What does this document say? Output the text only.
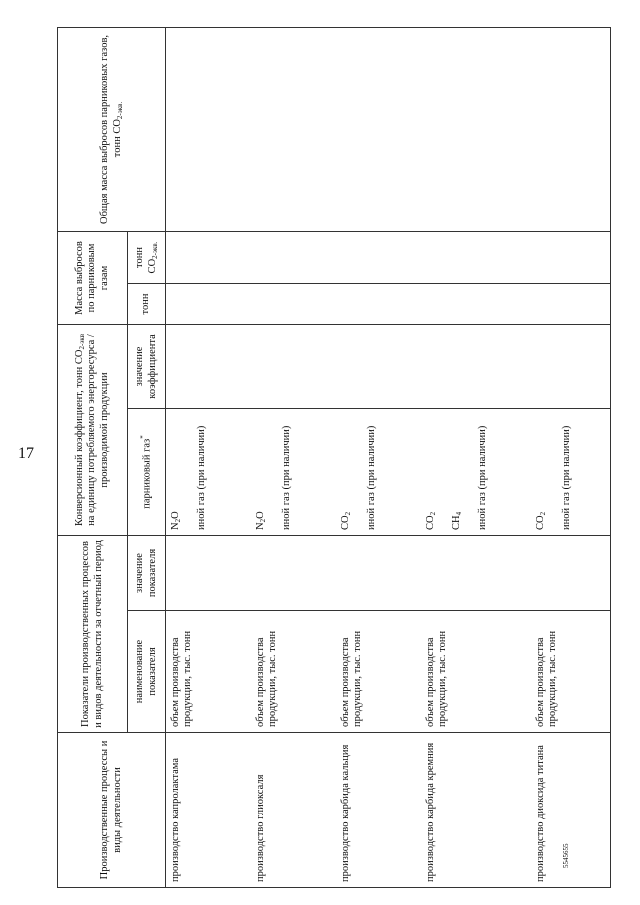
17
5545655
Производственные процессы и виды деятельности	Показатели производственных процессов и видов деятельности за отчетный период		Конверсионный коэффициент, тонн $CO_{2-экв}$ на единицу потребляемого энергоресурса / производимой продукции		Масса выбросов по парниковым газам		Общая масса выбросов парниковых газов, тонн $CO_{2-экв.}$
	наименование показателя	значение показателя	парниковый газ*	значение коэффициента	тонн	тонн $CO_{2-экв.}$
производство капролактама	объем производства продукции, тыс. тонн		$N_2O$ иной газ (при наличии)				

производство глиоксаля	объем производства продукции, тыс. тонн		$N_2O$ иной газ (при наличии)				

производство карбида кальция	объем производства продукции, тыс. тонн		$CO_2$ иной газ (при наличии)				

производство карбида кремния	объем производства продукции, тыс. тонн		$CO_2$
$CH_4$ иной газ (при наличии)				

производство диоксида титана	объем производства продукции, тыс. тонн		$CO_2$ иной газ (при наличии)				
